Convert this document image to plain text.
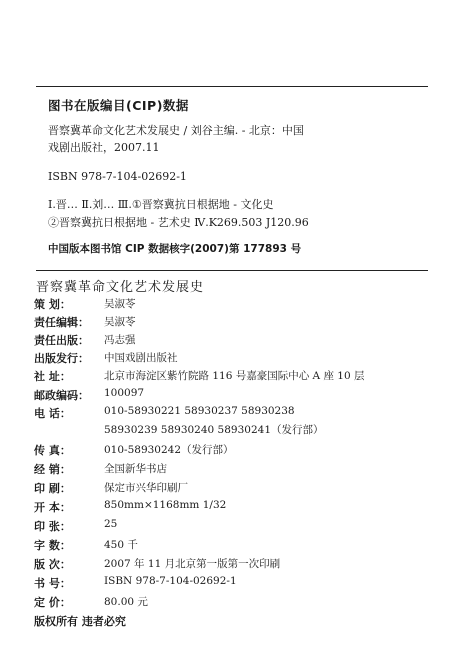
图书在版编目(CIP)数据
晋察冀革命文化艺术发展史 / 刘谷主编. - 北京：中国
戏剧出版社，2007.11
ISBN 978-7-104-02692-1
Ⅰ.晋… Ⅱ.刘… Ⅲ.①晋察冀抗日根据地 - 文化史
②晋察冀抗日根据地 - 艺术史 Ⅳ.K269.503 J120.96
中国版本图书馆 CIP 数据核字(2007)第 177893 号
晋察冀革命文化艺术发展史
策 划：	吴淑苓
责任编辑：	吴淑苓
责任出版：	冯志强
出版发行：	中国戏剧出版社
社 址：	北京市海淀区紫竹院路 116 号嘉豪国际中心 A 座 10 层
邮政编码：	100097
电 话：	010-58930221 58930237 58930238
58930239 58930240 58930241（发行部）
传 真：	010-58930242（发行部）
经 销：	全国新华书店
印 刷：	保定市兴华印刷厂
开 本：	850mm×1168mm 1/32
印 张：	25
字 数：	450 千
版 次：	2007 年 11 月北京第一版第一次印刷
书 号：	ISBN 978-7-104-02692-1
定 价：	80.00 元
版权所有 违者必究
